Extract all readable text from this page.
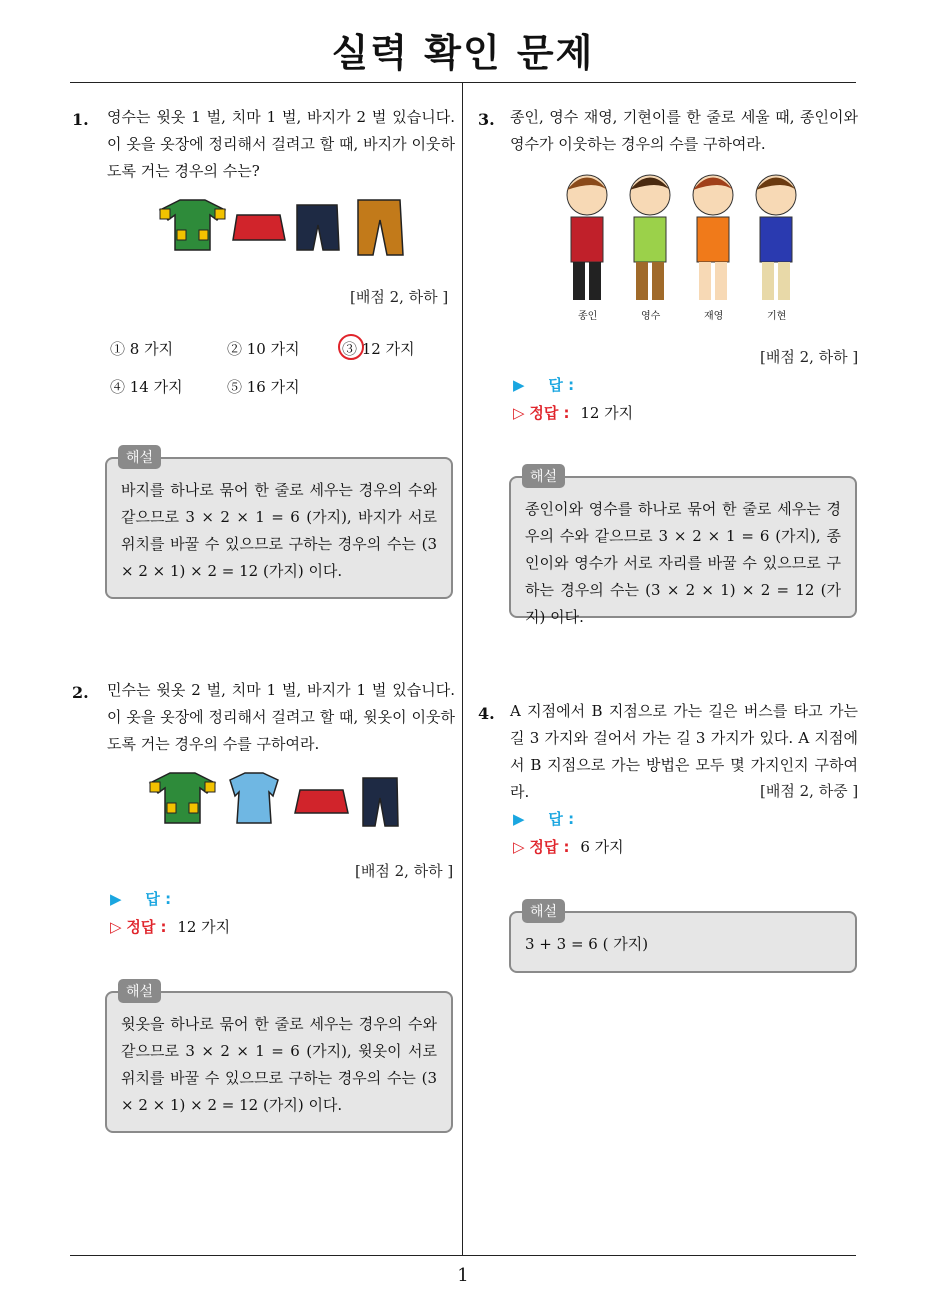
실력 확인 문제
1
1. 영수는 윗옷 1 벌, 치마 1 벌, 바지가 2 벌 있습니다. 이 옷을 옷장에 정리해서 걸려고 할 때, 바지가 이웃하도록 거는 경우의 수는?
[배점 2, 하하 ]
① 8 가지	② 10 가지	③ 12 가지
④ 14 가지	⑤ 16 가지
바지를 하나로 묶어 한 줄로 세우는 경우의 수와 같으므로 3 × 2 × 1 = 6 (가지), 바지가 서로 위치를 바꿀 수 있으므로 구하는 경우의 수는 (3 × 2 × 1) × 2 = 12 (가지) 이다.
해설
2. 민수는 윗옷 2 벌, 치마 1 벌, 바지가 1 벌 있습니다. 이 옷을 옷장에 정리해서 걸려고 할 때, 윗옷이 이웃하도록 거는 경우의 수를 구하여라.
[배점 2, 하하 ]
▶ 답 :
▷ 정답 : 12 가지
윗옷을 하나로 묶어 한 줄로 세우는 경우의 수와 같으므로 3 × 2 × 1 = 6 (가지), 윗옷이 서로 위치를 바꿀 수 있으므로 구하는 경우의 수는 (3 × 2 × 1) × 2 = 12 (가지) 이다.
해설
3. 종인, 영수 재영, 기현이를 한 줄로 세울 때, 종인이와 영수가 이웃하는 경우의 수를 구하여라.
종인	영수	재영	기현
[배점 2, 하하 ]
▶ 답 :
▷ 정답 : 12 가지
종인이와 영수를 하나로 묶어 한 줄로 세우는 경우의 수와 같으므로 3 × 2 × 1 = 6 (가지), 종인이와 영수가 서로 자리를 바꿀 수 있으므로 구하는 경우의 수는 (3 × 2 × 1) × 2 = 12 (가지) 이다.
해설
4. A 지점에서 B 지점으로 가는 길은 버스를 타고 가는 길 3 가지와 걸어서 가는 길 3 가지가 있다. A 지점에서 B 지점으로 가는 방법은 모두 몇 가지인지 구하여라.	[배점 2, 하중 ]
▶ 답 :
▷ 정답 : 6 가지
3 + 3 = 6 ( 가지)
해설
